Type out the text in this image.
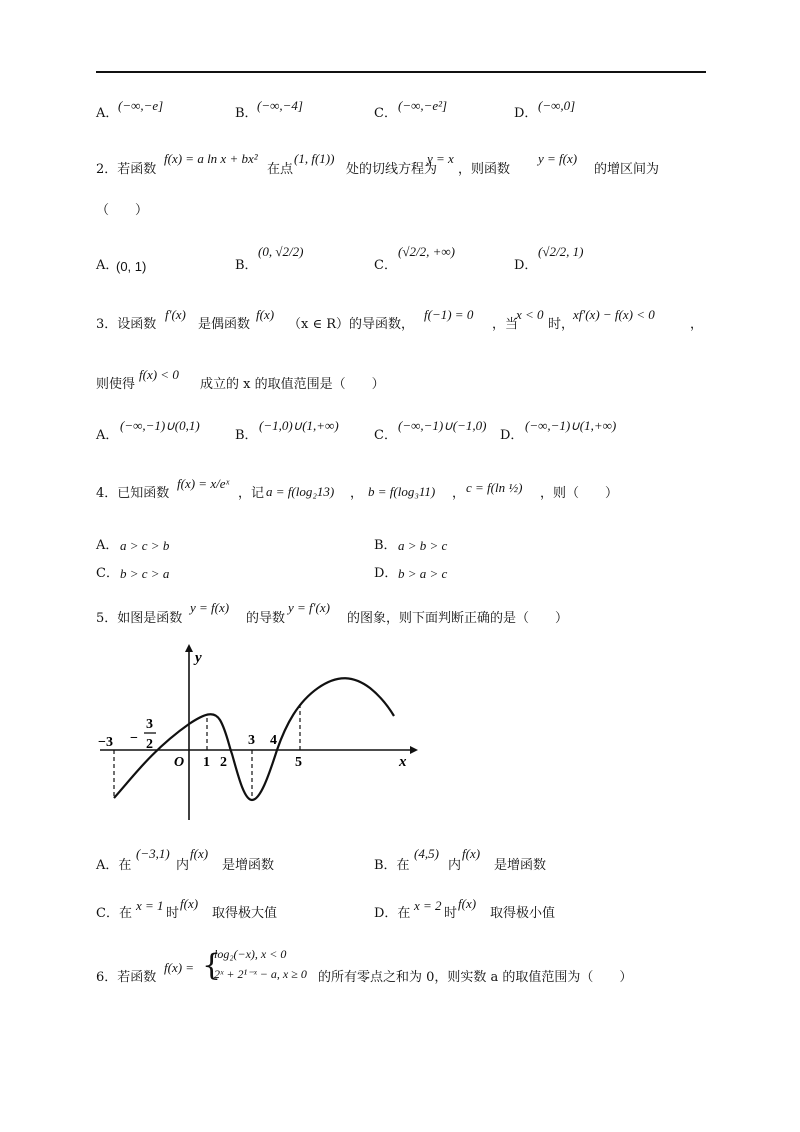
A．
(−∞,−e]
B．
(−∞,−4]
C．
(−∞,−e²]
D．
(−∞,0]
2．若函数
f(x) = a ln x + bx²
在点
(1, f(1))
处的切线方程为
y = x
，则函数
y = f(x)
的增区间为
（　　）
A．
(0, 1)	B．
(0, √2/2)
C．
(√2/2, +∞)
D．
(√2/2, 1)
3．设函数
f′(x)
是偶函数
f(x)
（x ∈ R）的导函数，
f(−1) = 0
，当
x < 0
时，
xf′(x) − f(x) < 0
，
则使得
f(x) < 0
成立的 x 的取值范围是（　　）
A．
(−∞,−1)∪(0,1)
B．
(−1,0)∪(1,+∞)
C．
(−∞,−1)∪(−1,0)
D．
(−∞,−1)∪(1,+∞)
4．已知函数
f(x) = x/eˣ
，记 a = f(log₂13) ， b = f(log₃11) ， c = f(ln ½) ，则（　　）
A． a > c > b	B． a > b > c
C． b > c > a	D． b > a > c
5．如图是函数
y = f(x)
的导数
y = f′(x)
的图象，则下面判断正确的是（　　）
y
x
O
−3 −
3
2
1 2
3 4
5
A．在
(−3,1)
内
f(x)
是增函数	B．在
(4,5)
内
f(x)
是增函数
C．在
x = 1
时
f(x)
取得极大值	D．在
x = 2
时
f(x)
取得极小值
6．若函数
f(x) = {
log₂(−x), x < 0
2ˣ + 2¹⁻ˣ − a, x ≥ 0 的所有零点之和为 0，则实数 a 的取值范围为（　　）
